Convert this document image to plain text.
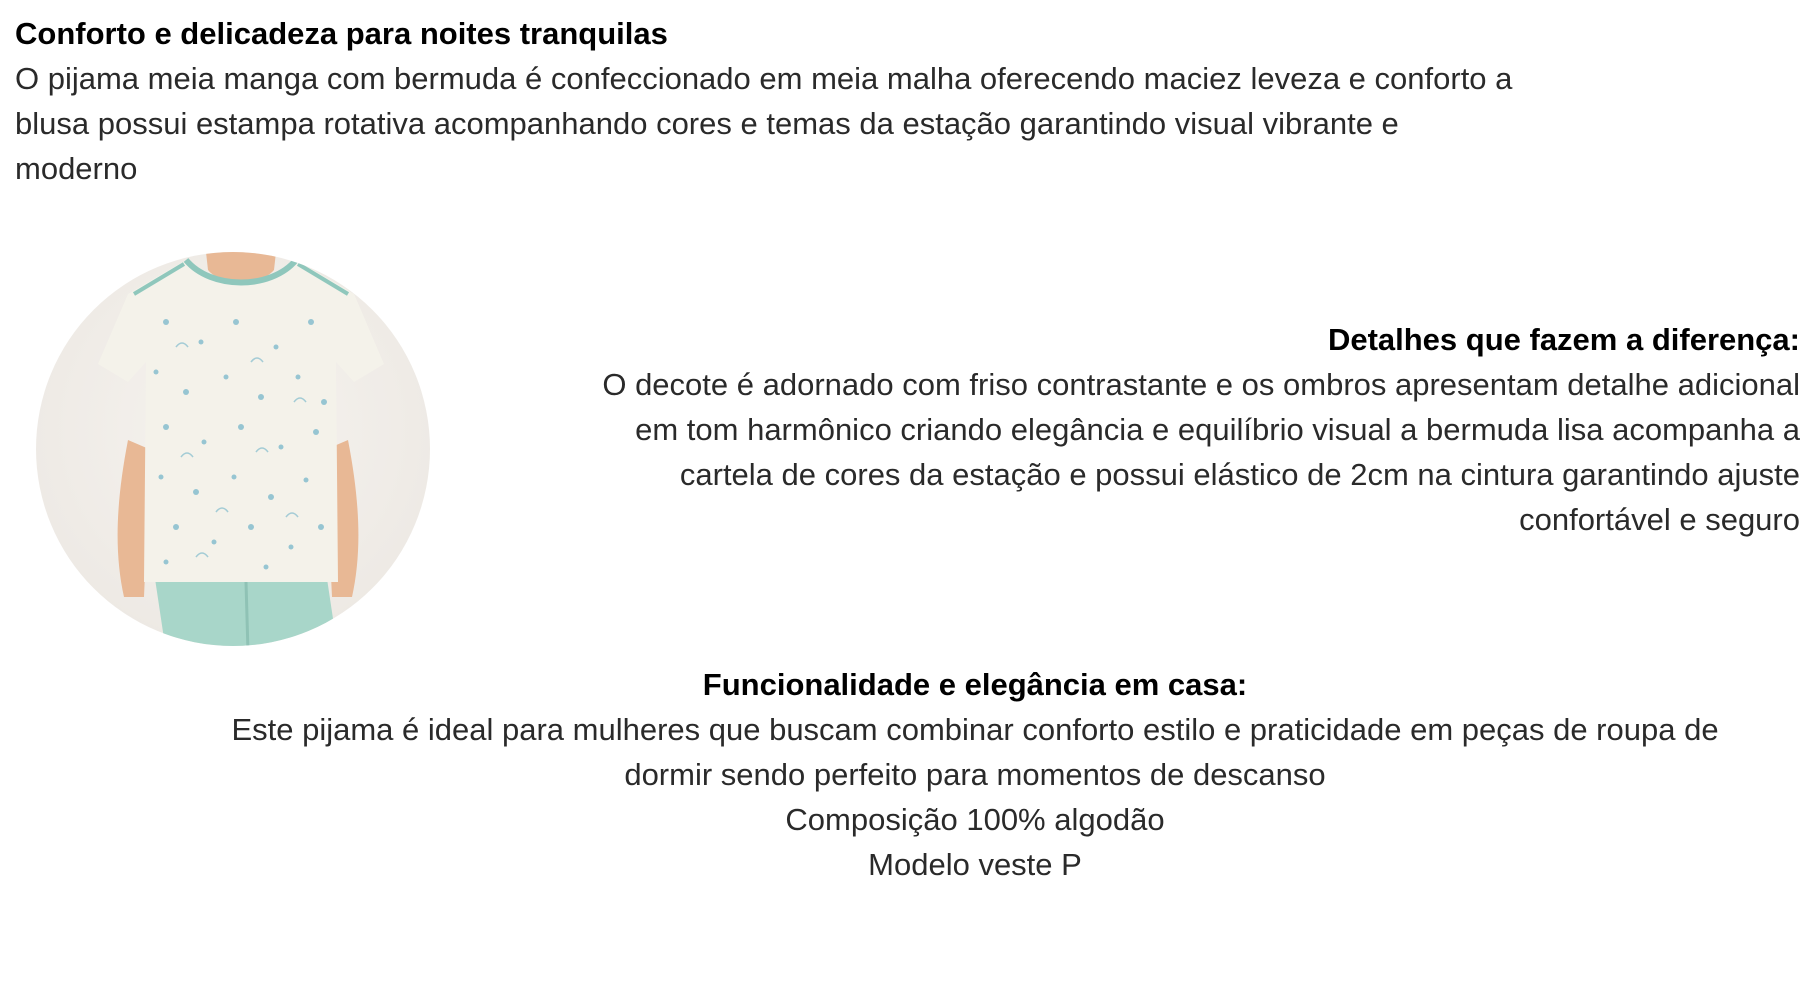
Conforto e delicadeza para noites tranquilas
O pijama meia manga com bermuda é confeccionado em meia malha oferecendo maciez leveza e conforto a
blusa possui estampa rotativa acompanhando cores e temas da estação garantindo visual vibrante e
moderno
Detalhes que fazem a diferença:
O decote é adornado com friso contrastante e os ombros apresentam detalhe adicional
em tom harmônico criando elegância e equilíbrio visual a bermuda lisa acompanha a
cartela de cores da estação e possui elástico de 2cm na cintura garantindo ajuste
confortável e seguro
Funcionalidade e elegância em casa:
Este pijama é ideal para mulheres que buscam combinar conforto estilo e praticidade em peças de roupa de
dormir sendo perfeito para momentos de descanso
Composição 100% algodão
Modelo veste P
